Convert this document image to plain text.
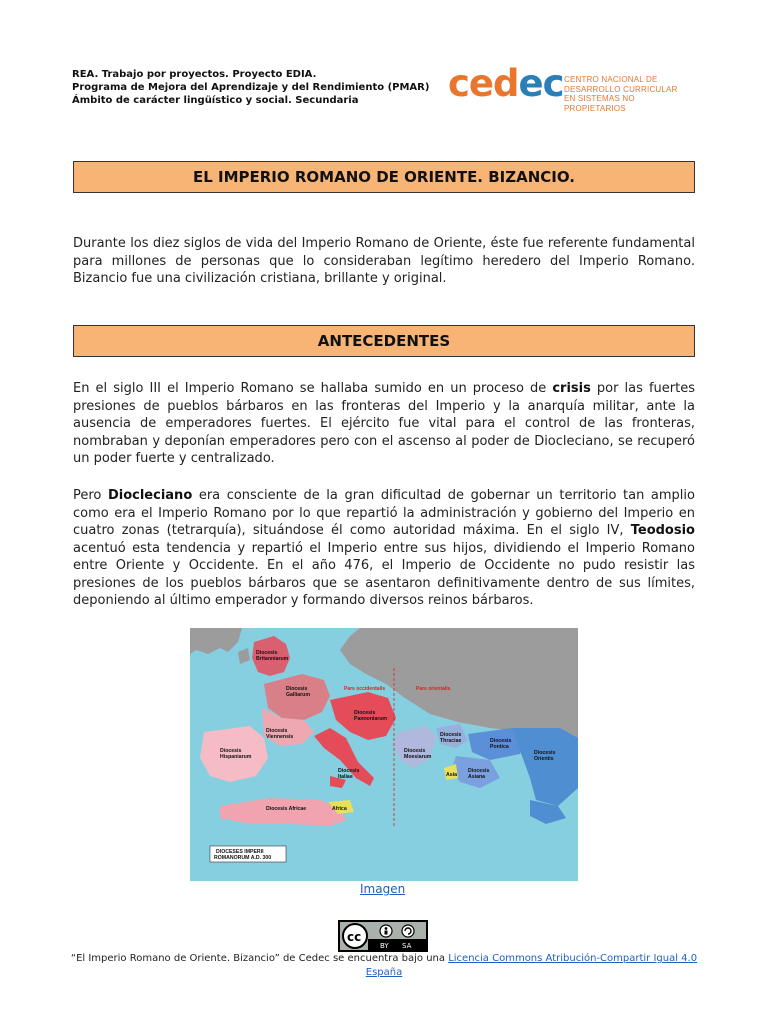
REA. Trabajo por proyectos. Proyecto EDIA.
Programa de Mejora del Aprendizaje y del Rendimiento (PMAR)
Ámbito de carácter lingüístico y social. Secundaria	cedec CENTRO NACIONAL DE
DESARROLLO CURRICULAR
EN SISTEMAS NO PROPIETARIOS
EL IMPERIO ROMANO DE ORIENTE. BIZANCIO.
Durante los diez siglos de vida del Imperio Romano de Oriente, éste fue referente fundamental para millones de personas que lo consideraban legítimo heredero del Imperio Romano. Bizancio fue una civilización cristiana, brillante y original.
ANTECEDENTES
En el siglo III el Imperio Romano se hallaba sumido en un proceso de crisis por las fuertes presiones de pueblos bárbaros en las fronteras del Imperio y la anarquía militar, ante la ausencia de emperadores fuertes. El ejército fue vital para el control de las fronteras, nombraban y deponían emperadores pero con el ascenso al poder de Diocleciano, se recuperó un poder fuerte y centralizado.
Pero Diocleciano era consciente de la gran dificultad de gobernar un territorio tan amplio como era el Imperio Romano por lo que repartió la administración y gobierno del Imperio en cuatro zonas (tetrarquía), situándose él como autoridad máxima. En el siglo IV, Teodosio acentuó esta tendencia y repartió el Imperio entre sus hijos, dividiendo el Imperio Romano entre Oriente y Occidente. En el año 476, el Imperio de Occidente no pudo resistir las presiones de los pueblos bárbaros que se asentaron definitivamente dentro de sus límites, deponiendo al último emperador y formando diversos reinos bárbaros.
Diocesis
Britanniarum
Diocesis
Galliarum
Diocesis
Viennensis
Diocesis
Hispaniarum
Diocesis
Pannoniarum
Diocesis
Italiae
Diocesis
Moesiarum
Diocesis
Thraciae	Diocesis
Pontica
Diocesis
Asiana
Diocesis
Orientis
Diocesis Africae	Africa
Asia
Pars occidentalis	Pars orientalis
DIOCESES IMPERII
ROMANORUM A.D. 300
Imagen
cc
BY SA
“El Imperio Romano de Oriente. Bizancio” de Cedec se encuentra bajo una Licencia Commons Atribución-Compartir Igual 4.0 España
